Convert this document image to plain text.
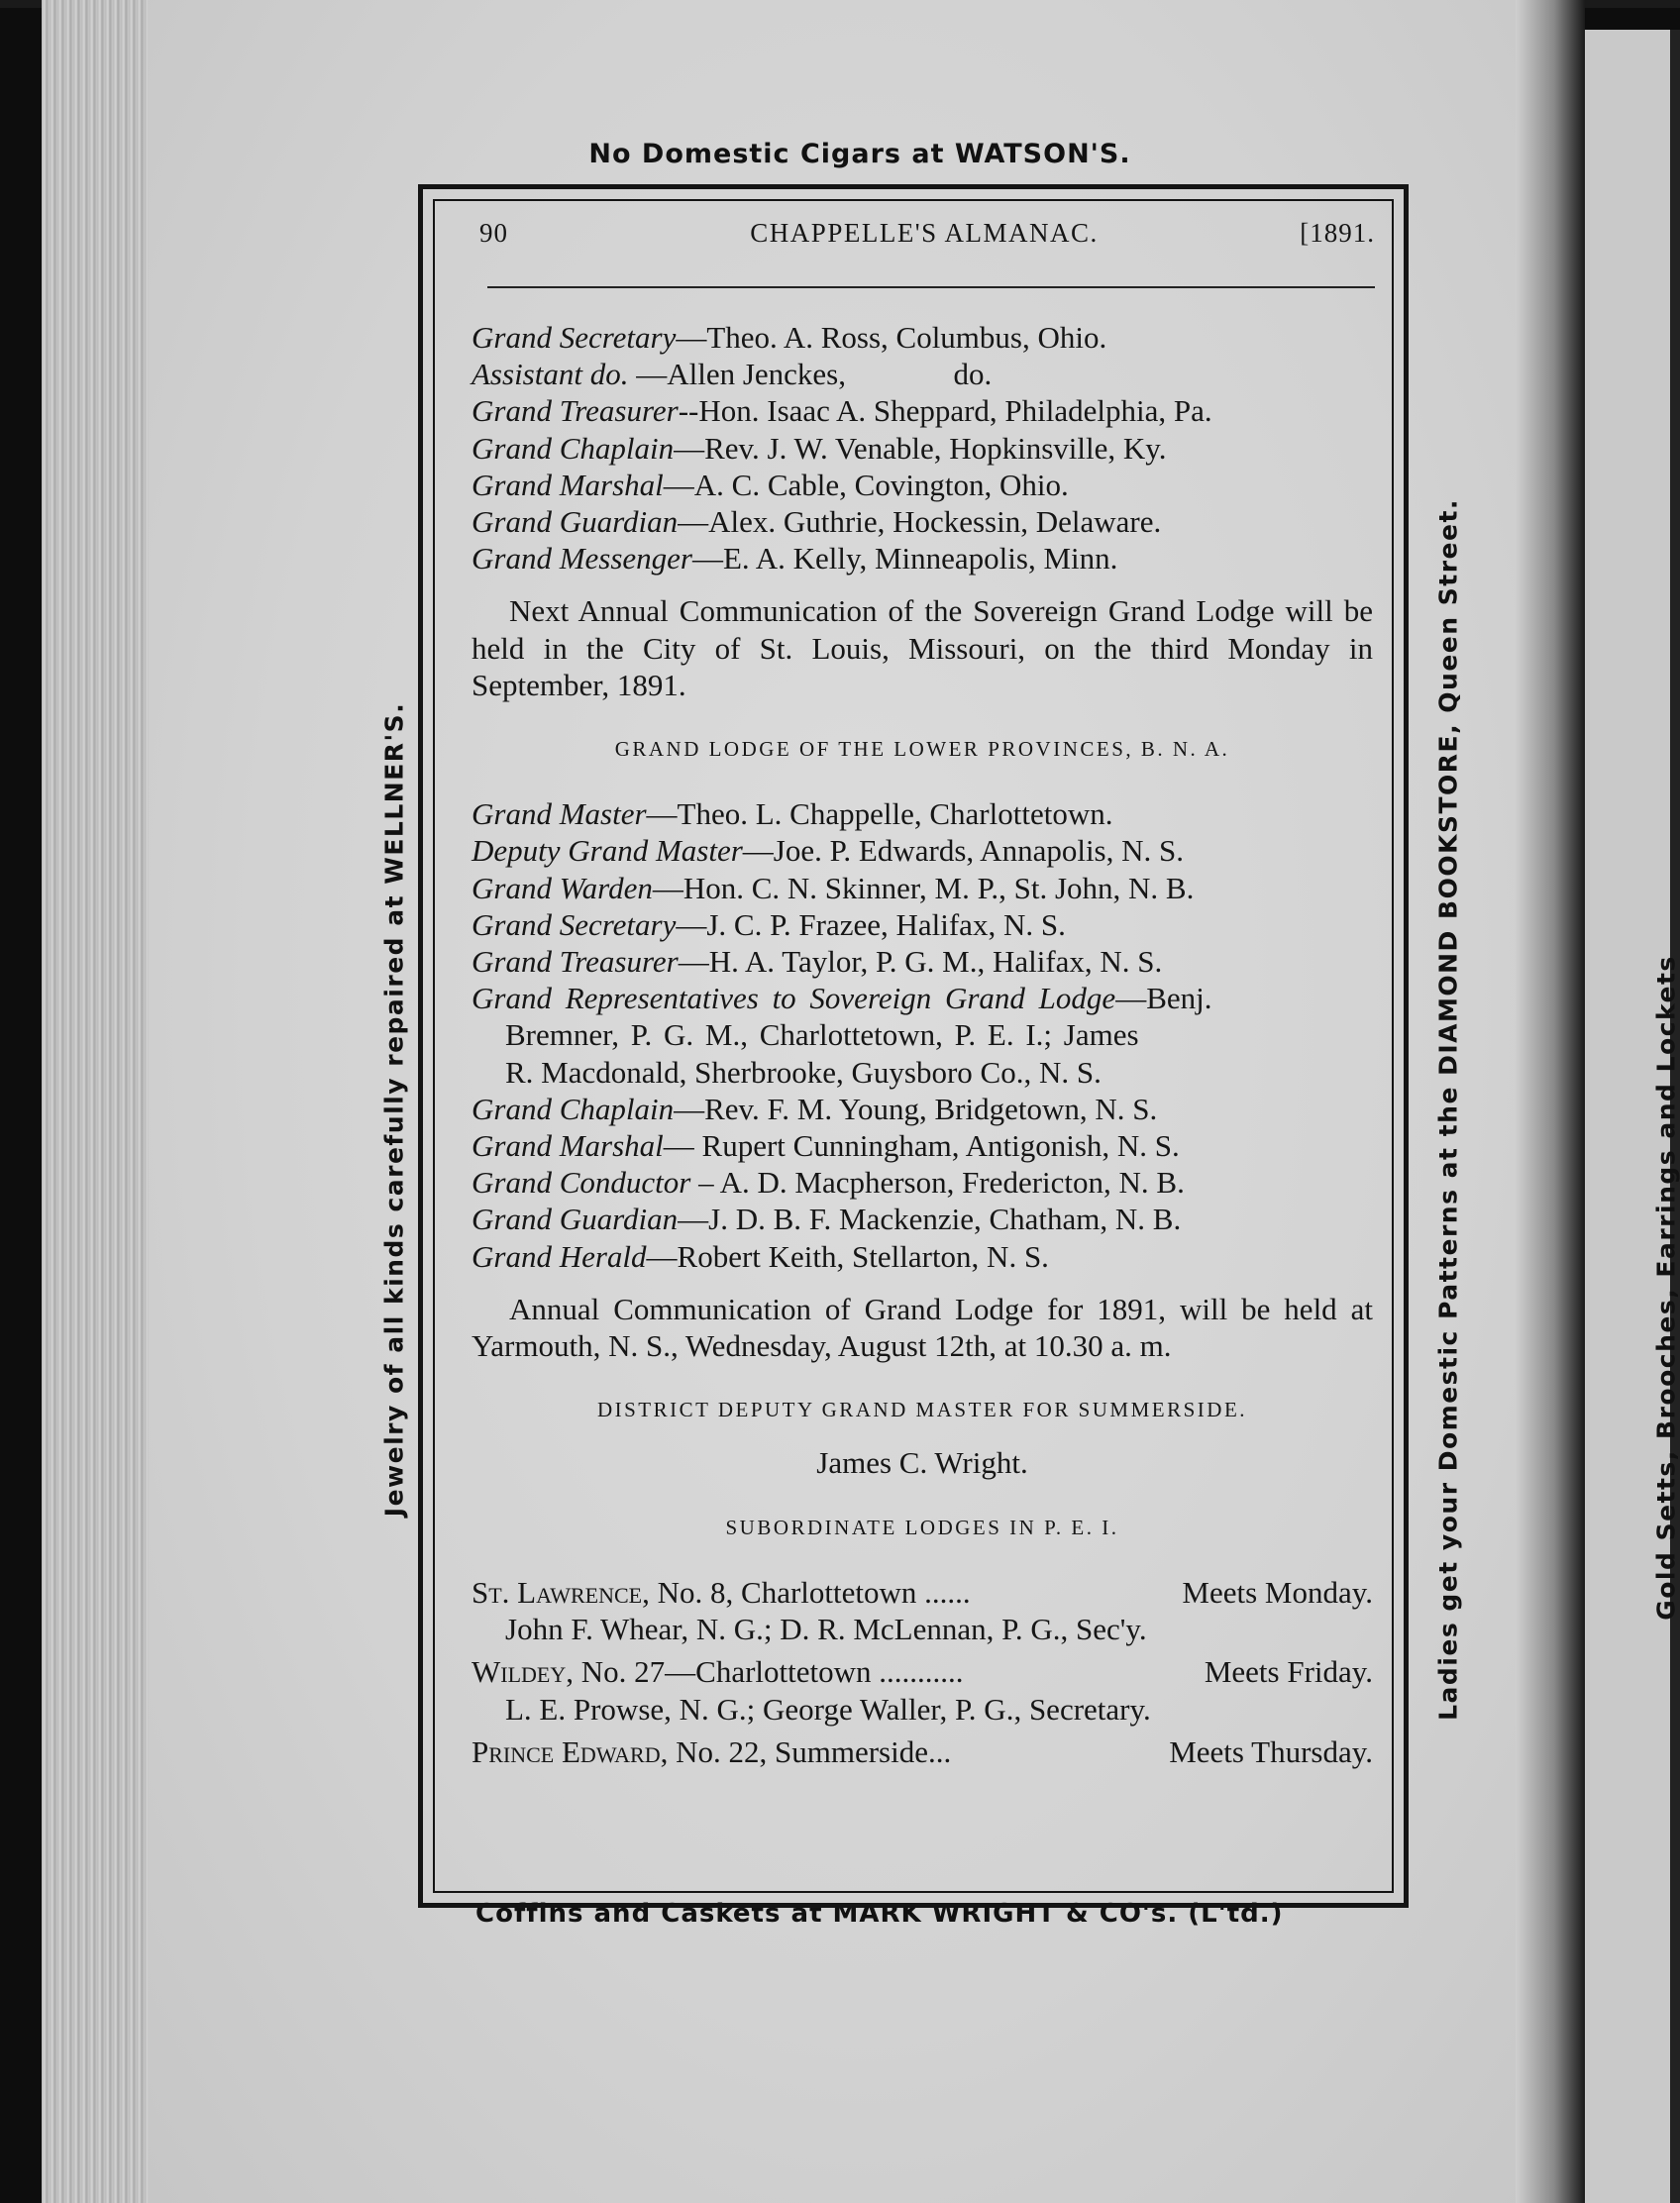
No Domestic Cigars at WATSON'S.
Coffins and Caskets at MARK WRIGHT & CO's. (L'td.)
Jewelry of all kinds carefully repaired at WELLNER'S.	Ladies get your Domestic Patterns at the DIAMOND BOOKSTORE, Queen Street.	Gold Setts, Brooches, Earrings and Lockets
90	CHAPPELLE'S ALMANAC.	[1891.
Grand Secretary—Theo. A. Ross, Columbus, Ohio.
Assistant do. —Allen Jenckes,              do.
Grand Treasurer--Hon. Isaac A. Sheppard, Philadelphia, Pa.
Grand Chaplain—Rev. J. W. Venable, Hopkinsville, Ky.
Grand Marshal—A. C. Cable, Covington, Ohio.
Grand Guardian—Alex. Guthrie, Hockessin, Delaware.
Grand Messenger—E. A. Kelly, Minneapolis, Minn.

Next Annual Communication of the Sovereign Grand Lodge will be held in the City of St. Louis, Missouri, on the third Monday in September, 1891.

GRAND LODGE OF THE LOWER PROVINCES, B. N. A.
Grand Master—Theo. L. Chappelle, Charlottetown.
Deputy Grand Master—Joe. P. Edwards, Annapolis, N. S.
Grand Warden—Hon. C. N. Skinner, M. P., St. John, N. B.
Grand Secretary—J. C. P. Frazee, Halifax, N. S.
Grand Treasurer—H. A. Taylor, P. G. M., Halifax, N. S.
Grand Representatives to Sovereign Grand Lodge—Benj.
Bremner, P. G. M., Charlottetown, P. E. I.; James
R. Macdonald, Sherbrooke, Guysboro Co., N. S.
Grand Chaplain—Rev. F. M. Young, Bridgetown, N. S.
Grand Marshal— Rupert Cunningham, Antigonish, N. S.
Grand Conductor – A. D. Macpherson, Fredericton, N. B.
Grand Guardian—J. D. B. F. Mackenzie, Chatham, N. B.
Grand Herald—Robert Keith, Stellarton, N. S.

Annual Communication of Grand Lodge for 1891, will be held at Yarmouth, N. S., Wednesday, August 12th, at 10.30 a. m.

DISTRICT DEPUTY GRAND MASTER FOR SUMMERSIDE.
James C. Wright.
SUBORDINATE LODGES IN P. E. I.
St. Lawrence, No. 8, Charlottetown ......	Meets Monday.
John F. Whear, N. G.; D. R. McLennan, P. G., Sec'y.
Wildey, No. 27—Charlottetown ...........	Meets Friday.
L. E. Prowse, N. G.; George Waller, P. G., Secretary.
Prince Edward, No. 22, Summerside...	Meets Thursday.
